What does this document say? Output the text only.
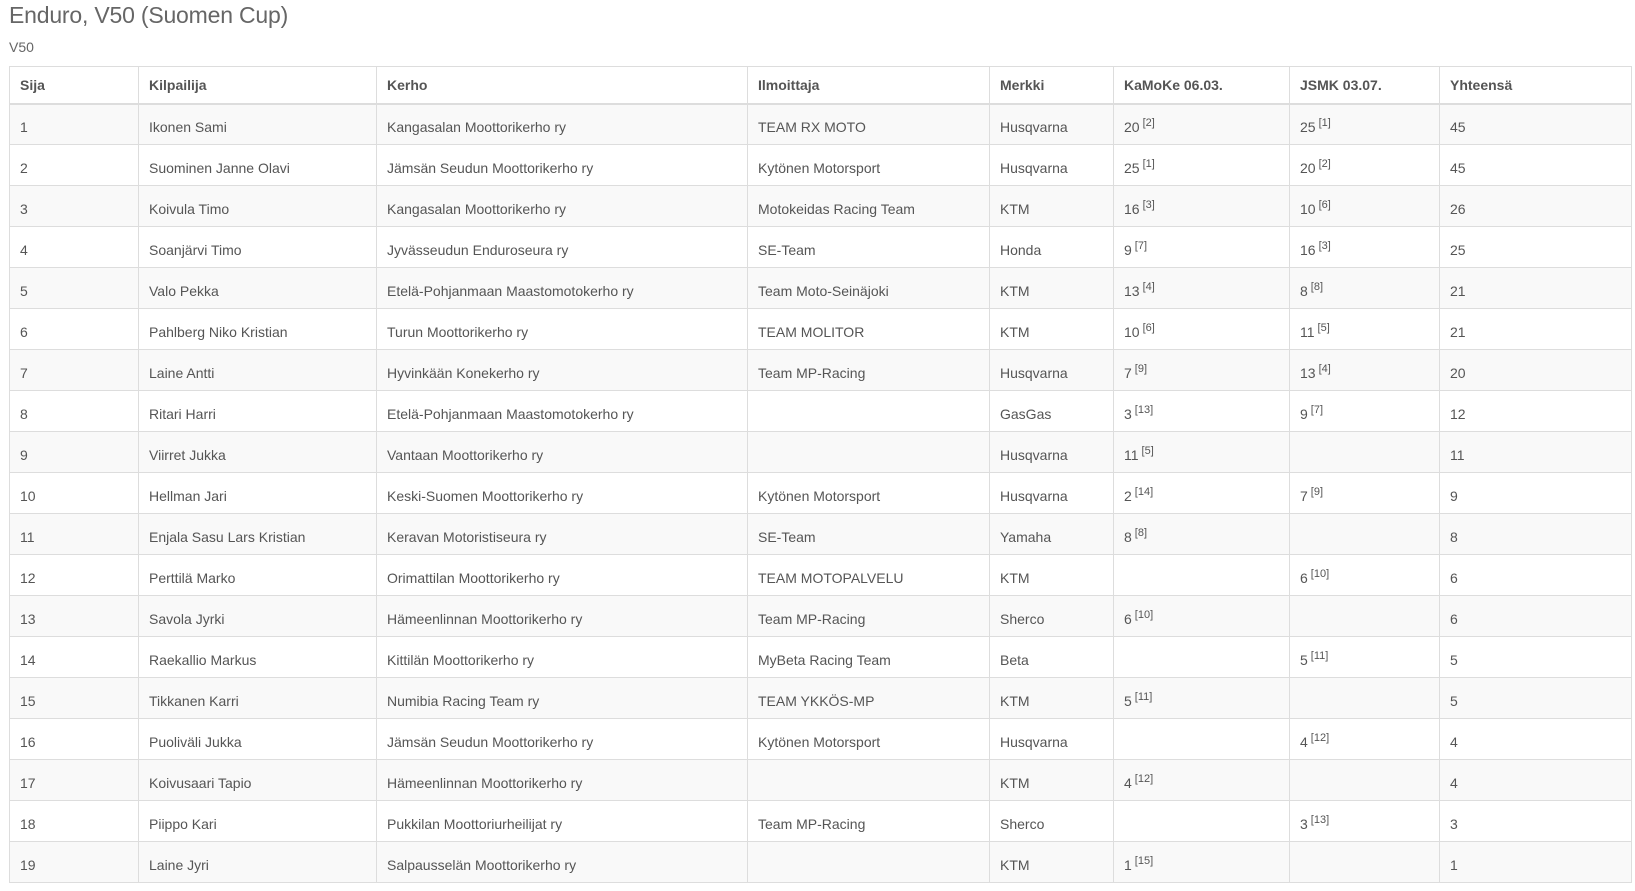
Enduro, V50 (Suomen Cup)
V50
Sija	Kilpailija	Kerho	Ilmoittaja	Merkki	KaMoKe 06.03.	JSMK 03.07.	Yhteensä
1	Ikonen Sami	Kangasalan Moottorikerho ry	TEAM RX MOTO	Husqvarna	20 [2]	25 [1]	45
2	Suominen Janne Olavi	Jämsän Seudun Moottorikerho ry	Kytönen Motorsport	Husqvarna	25 [1]	20 [2]	45
3	Koivula Timo	Kangasalan Moottorikerho ry	Motokeidas Racing Team	KTM	16 [3]	10 [6]	26
4	Soanjärvi Timo	Jyvässeudun Enduroseura ry	SE-Team	Honda	9 [7]	16 [3]	25
5	Valo Pekka	Etelä-Pohjanmaan Maastomotokerho ry	Team Moto-Seinäjoki	KTM	13 [4]	8 [8]	21
6	Pahlberg Niko Kristian	Turun Moottorikerho ry	TEAM MOLITOR	KTM	10 [6]	11 [5]	21
7	Laine Antti	Hyvinkään Konekerho ry	Team MP-Racing	Husqvarna	7 [9]	13 [4]	20
8	Ritari Harri	Etelä-Pohjanmaan Maastomotokerho ry		GasGas	3 [13]	9 [7]	12
9	Viirret Jukka	Vantaan Moottorikerho ry		Husqvarna	11 [5]		11
10	Hellman Jari	Keski-Suomen Moottorikerho ry	Kytönen Motorsport	Husqvarna	2 [14]	7 [9]	9
11	Enjala Sasu Lars Kristian	Keravan Motoristiseura ry	SE-Team	Yamaha	8 [8]		8
12	Perttilä Marko	Orimattilan Moottorikerho ry	TEAM MOTOPALVELU	KTM		6 [10]	6
13	Savola Jyrki	Hämeenlinnan Moottorikerho ry	Team MP-Racing	Sherco	6 [10]		6
14	Raekallio Markus	Kittilän Moottorikerho ry	MyBeta Racing Team	Beta		5 [11]	5
15	Tikkanen Karri	Numibia Racing Team ry	TEAM YKKÖS-MP	KTM	5 [11]		5
16	Puoliväli Jukka	Jämsän Seudun Moottorikerho ry	Kytönen Motorsport	Husqvarna		4 [12]	4
17	Koivusaari Tapio	Hämeenlinnan Moottorikerho ry		KTM	4 [12]		4
18	Piippo Kari	Pukkilan Moottoriurheilijat ry	Team MP-Racing	Sherco		3 [13]	3
19	Laine Jyri	Salpausselän Moottorikerho ry		KTM	1 [15]		1
